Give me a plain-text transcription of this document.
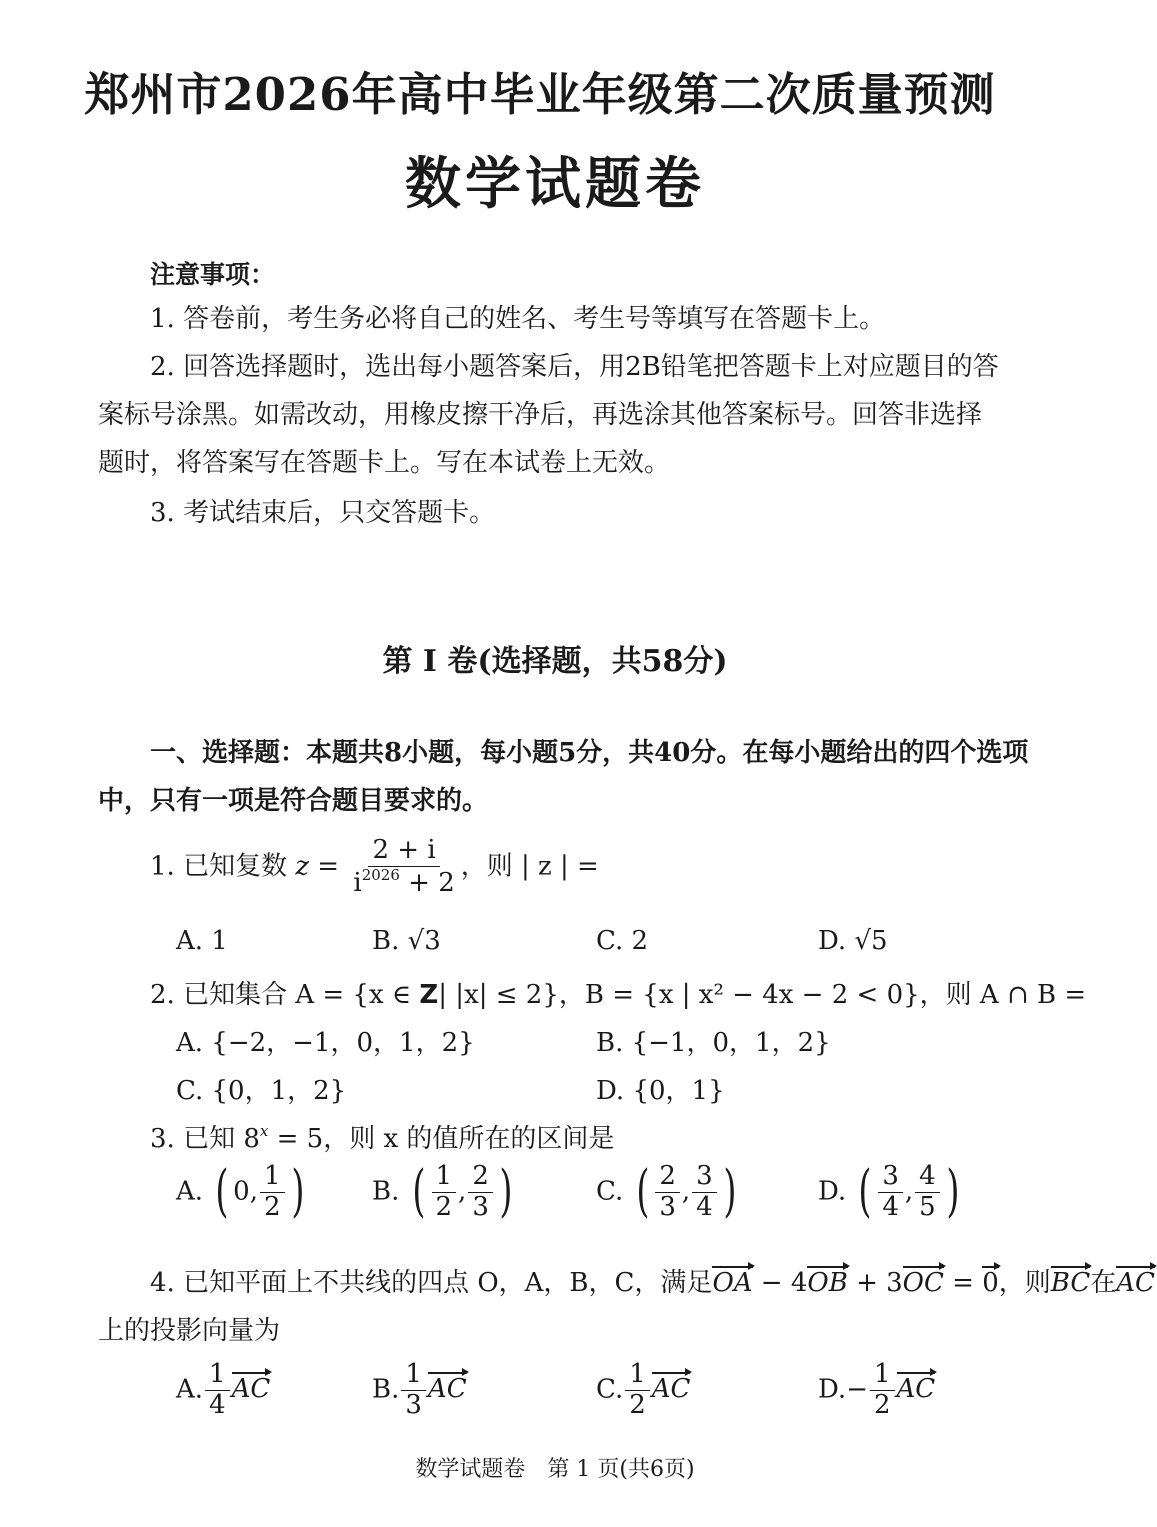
郑州市2026年高中毕业年级第二次质量预测
数学试题卷
注意事项：
1. 答卷前，考生务必将自己的姓名、考生号等填写在答题卡上。
2. 回答选择题时，选出每小题答案后，用2B铅笔把答题卡上对应题目的答
案标号涂黑。如需改动，用橡皮擦干净后，再选涂其他答案标号。回答非选择
题时，将答案写在答题卡上。写在本试卷上无效。
3. 考试结束后，只交答题卡。
第 Ⅰ 卷(选择题，共58分)
一、选择题：本题共8小题，每小题5分，共40分。在每小题给出的四个选项
中，只有一项是符合题目要求的。
1. 已知复数 $z = \frac{2 + i}{i^{2026} + 2}$ ，则 | z | =
A. 1	B. √3	C. 2	D. √5
2. 已知集合 A = {x ∈ Z| |x| ≤ 2}，B = {x | x² − 4x − 2 < 0}，则 A ∩ B =
A. {−2，−1，0，1，2}	B. {−1，0，1，2}
C. {0，1，2}	D. {0，1}
3. 已知 $8^x = 5$，则 x 的值所在的区间是
A. ( 0, $\frac{1}{2}$ )	B. ( $\frac{1}{2}$ , $\frac{2}{3}$ )	C. ( $\frac{2}{3}$ , $\frac{3}{4}$ )	D. ( $\frac{3}{4}$ , $\frac{4}{5}$ )
4. 已知平面上不共线的四点 O，A，B，C，满足OA − 4OB + 3OC = 0，则BC在AC
上的投影向量为
A. $\frac{1}{4}$ AC	B. $\frac{1}{3}$ AC	C. $\frac{1}{2}$ AC	$D.- \frac{1}{2}$ AC
数学试题卷　第 1 页(共6页)
